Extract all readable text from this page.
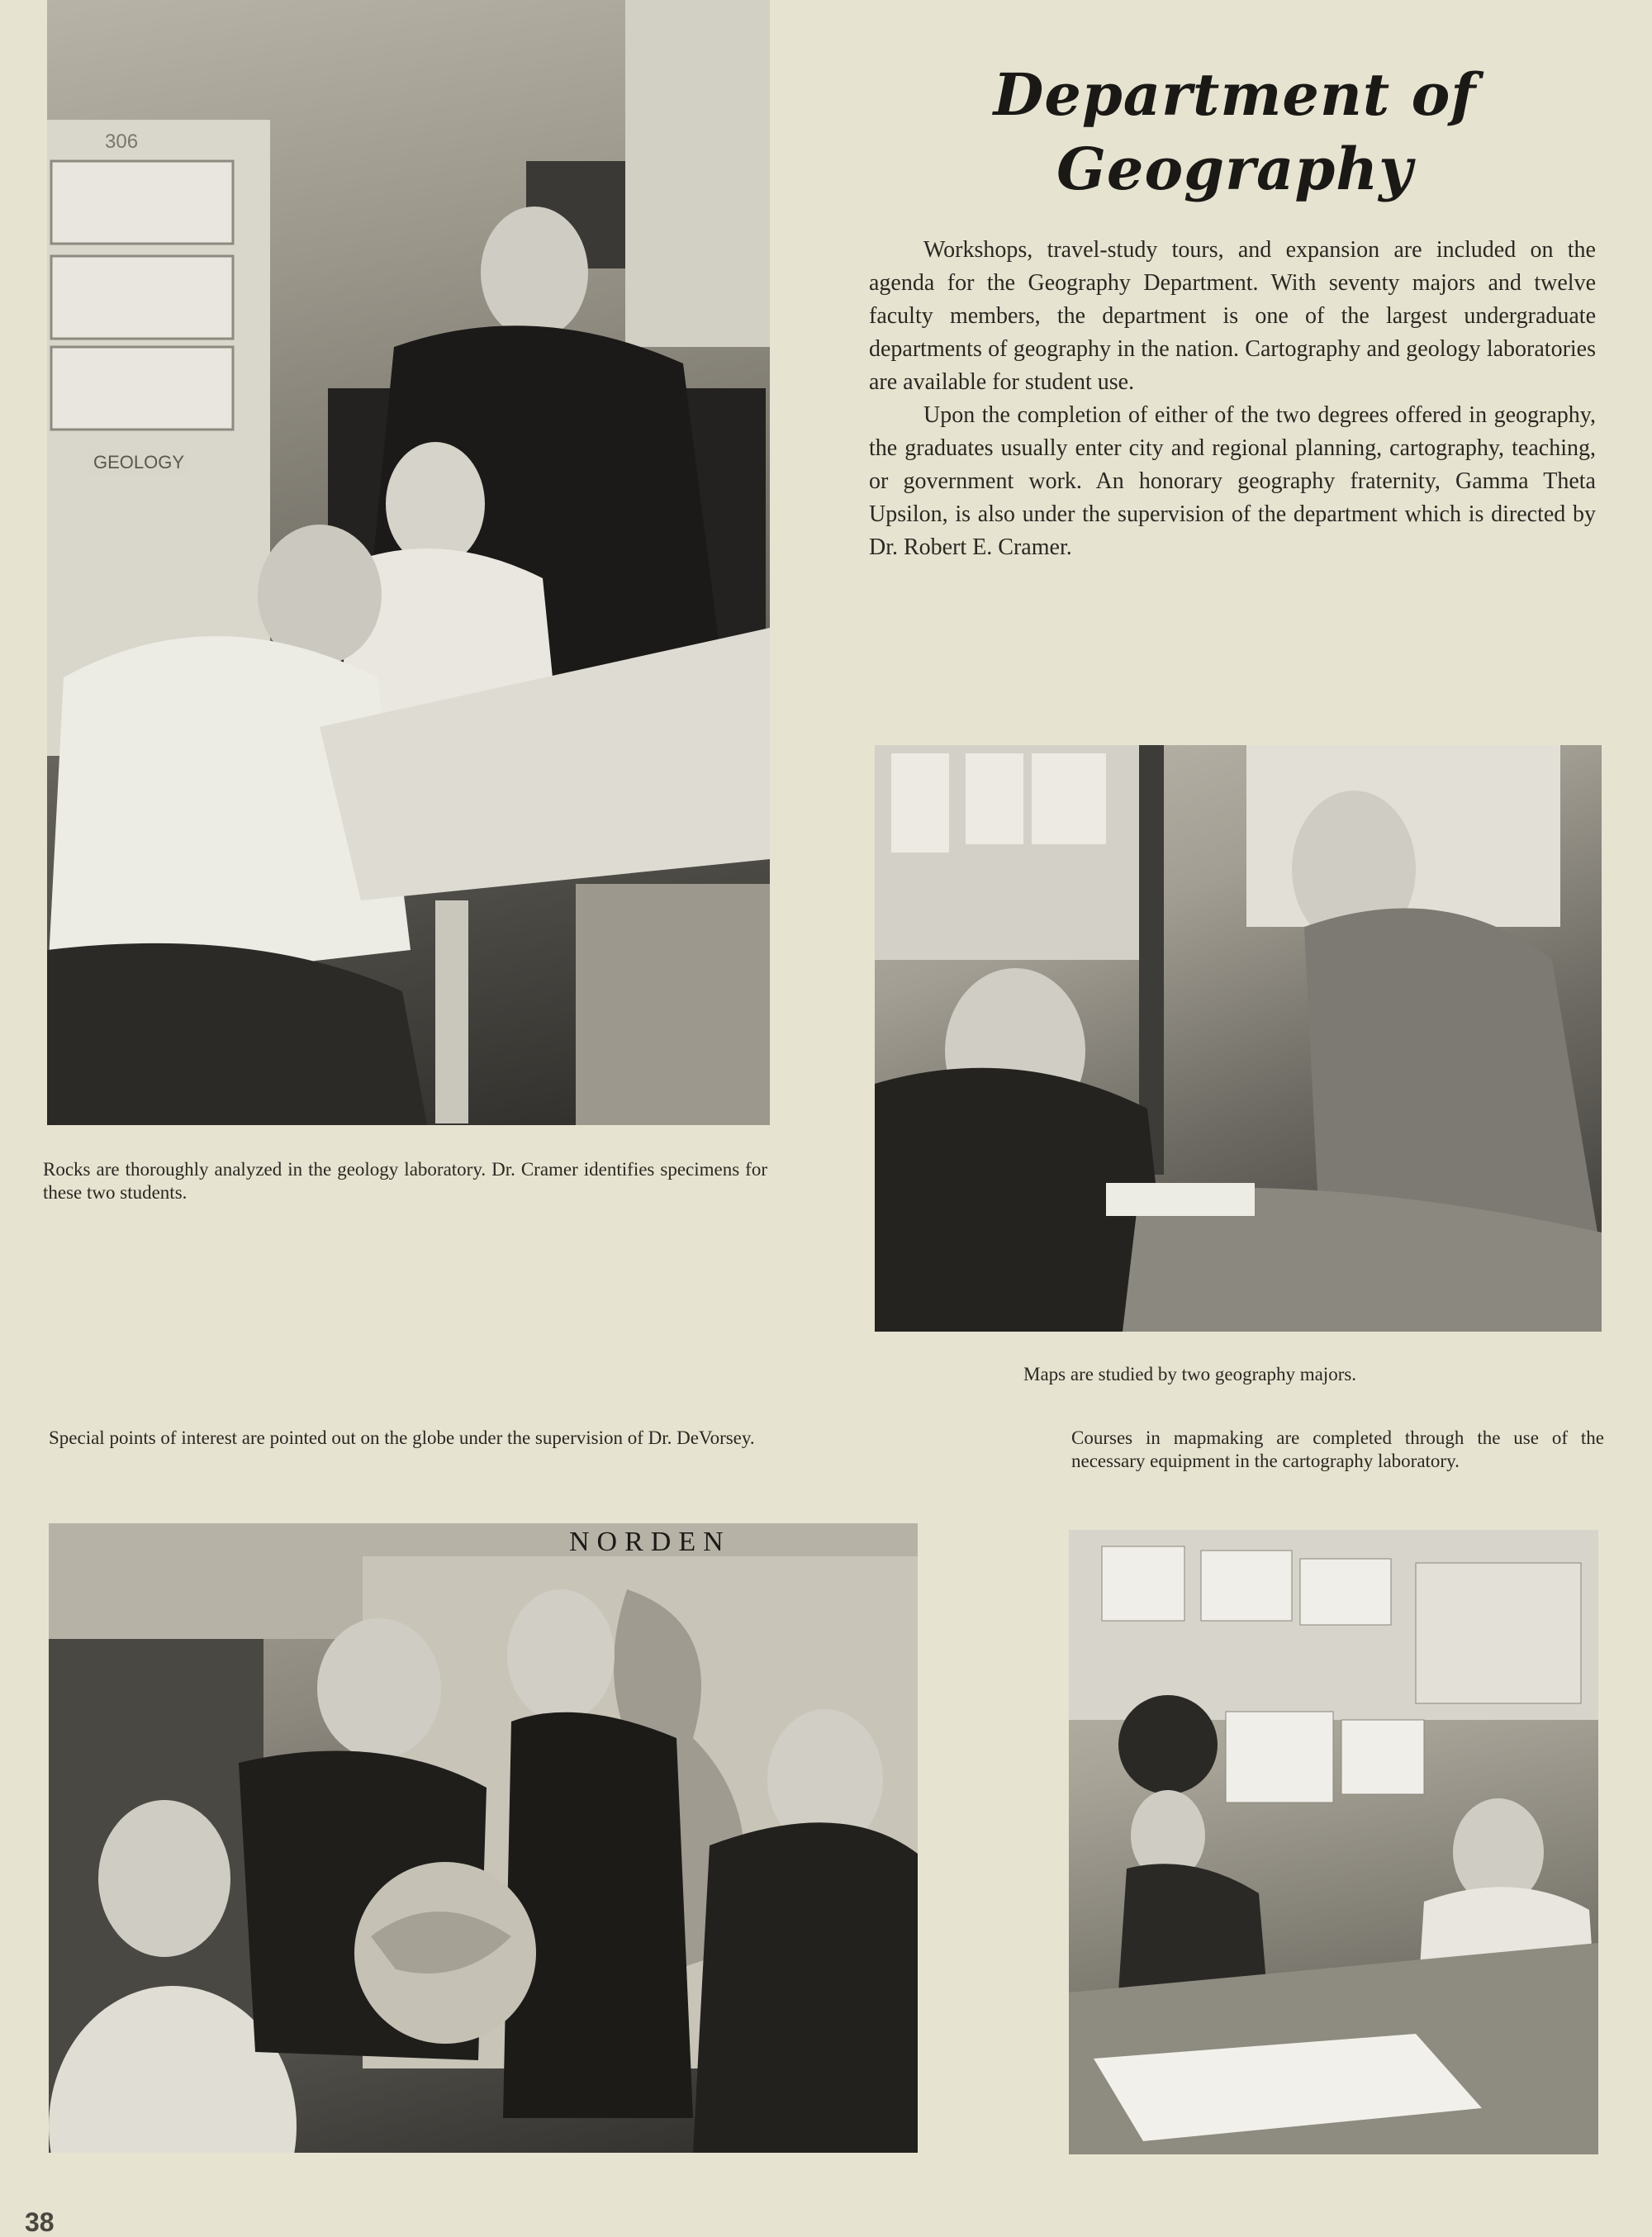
Department of Geography

Workshops, travel-study tours, and expansion are included on the agenda for the Geography Department. With seventy majors and twelve faculty members, the department is one of the largest undergraduate departments of geography in the nation. Cartography and geology laboratories are available for student use.

Upon the completion of either of the two degrees offered in geography, the graduates usually enter city and regional planning, cartography, teaching, or government work. An honorary geography fraternity, Gamma Theta Upsilon, is also under the supervision of the department which is directed by Dr. Robert E. Cramer.

306
GEOLOGY
Rocks are thoroughly analyzed in the geology laboratory. Dr. Cramer identifies specimens for these two students.
Maps are studied by two geography majors.
Special points of interest are pointed out on the globe under the supervision of Dr. DeVorsey.
NORDEN
Courses in mapmaking are completed through the use of the necessary equipment in the cartography laboratory.
38
